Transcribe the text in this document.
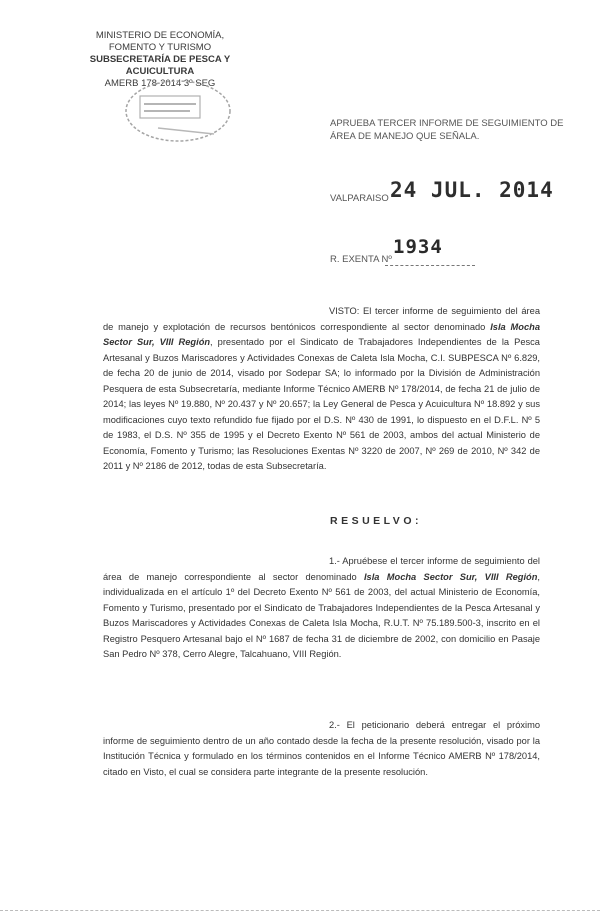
MINISTERIO DE ECONOMÍA,
FOMENTO Y TURISMO
SUBSECRETARÍA DE PESCA Y ACUICULTURA
AMERB 178-2014 3º SEG
APRUEBA TERCER INFORME DE SEGUIMIENTO DE ÁREA DE MANEJO QUE SEÑALA.
VALPARAISO 24 JUL. 2014
1934
R. EXENTA Nº
VISTO: El tercer informe de seguimiento del área de manejo y explotación de recursos bentónicos correspondiente al sector denominado Isla Mocha Sector Sur, VIII Región, presentado por el Sindicato de Trabajadores Independientes de la Pesca Artesanal y Buzos Mariscadores y Actividades Conexas de Caleta Isla Mocha, C.I. SUBPESCA Nº 6.829, de fecha 20 de junio de 2014, visado por Sodepar SA; lo informado por la División de Administración Pesquera de esta Subsecretaría, mediante Informe Técnico AMERB Nº 178/2014, de fecha 21 de julio de 2014; las leyes Nº 19.880, Nº 20.437 y Nº 20.657; la Ley General de Pesca y Acuicultura Nº 18.892 y sus modificaciones cuyo texto refundido fue fijado por el D.S. Nº 430 de 1991, lo dispuesto en el D.F.L. Nº 5 de 1983, el D.S. Nº 355 de 1995 y el Decreto Exento Nº 561 de 2003, ambos del actual Ministerio de Economía, Fomento y Turismo; las Resoluciones Exentas Nº 3220 de 2007, Nº 269 de 2010, Nº 342 de 2011 y Nº 2186 de 2012, todas de esta Subsecretaría.
RESUELVO:
1.- Apruébese el tercer informe de seguimiento del área de manejo correspondiente al sector denominado Isla Mocha Sector Sur, VIII Región, individualizada en el artículo 1º del Decreto Exento Nº 561 de 2003, del actual Ministerio de Economía, Fomento y Turismo, presentado por el Sindicato de Trabajadores Independientes de la Pesca Artesanal y Buzos Mariscadores y Actividades Conexas de Caleta Isla Mocha, R.U.T. Nº 75.189.500-3, inscrito en el Registro Pesquero Artesanal bajo el Nº 1687 de fecha 31 de diciembre de 2002, con domicilio en Pasaje San Pedro Nº 378, Cerro Alegre, Talcahuano, VIII Región.
2.- El peticionario deberá entregar el próximo informe de seguimiento dentro de un año contado desde la fecha de la presente resolución, visado por la Institución Técnica y formulado en los términos contenidos en el Informe Técnico AMERB Nº 178/2014, citado en Visto, el cual se considera parte integrante de la presente resolución.
